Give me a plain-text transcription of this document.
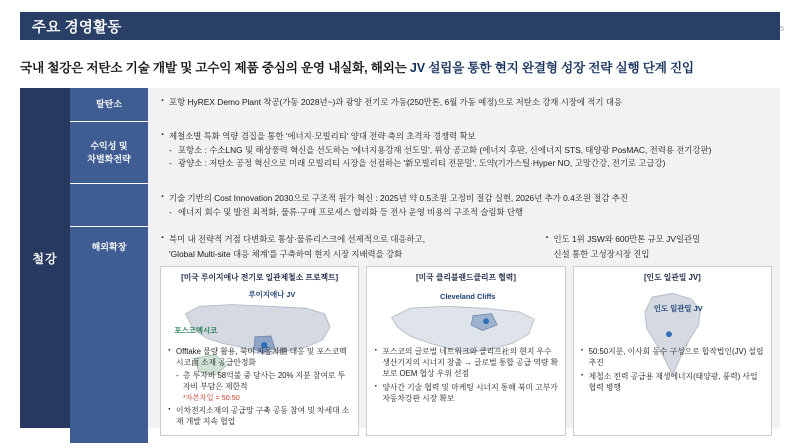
주요 경영활동	5
국내 철강은 저탄소 기술 개발 및 고수익 제품 중심의 운영 내실화, 해외는 JV 설립을 통한 현지 완결형 성장 전략 실행 단계 진입
철강
탈탄소	· 포항 HyREX Demo Plant 착공(가동 2028년~)과 광양 전기로 가동(250만톤, 6월 가동 예정)으로 저탄소 강재 시장에 적기 대응
수익성 및
차별화전략
· 제철소별 특화 역량 겸집을 통한 '에너지·모빌리티' 양대 전략 축의 초격차 경쟁력 확보
- 포항소 : 수소LNG 및 해상풍력 혁신을 선도하는 '에너지용강재 선도밀', 위상 공고화 (에너지 후판, 신에너지 STS, 태양광 PosMAC, 전력용 전기강판)
- 광양소 : 저탄소 공정 혁신으로 미래 모빌리티 시장을 선점하는 '新모빌리티 전문밀', 도약(기가스틸·Hyper NO, 고망간강, 전기로 고급강)
· 기술 기반의 Cost Innovation 2030으로 구조적 원가 혁신 : 2025년 약 0.5조원 고정비 절감 실현, 2026년 추가 0.4조원 절감 추진
- 에너지 회수 및 발전 최적화, 물류·구매 프로세스 합리화 등 전사 운영 비용의 구조적 슬림화 단행
해외확장
· 북미 내 전략적 거점 다변화로 통상·물류리스크에 선제적으로 대응하고,
'Global Multi-site 대응 체계'를 구축하여 현지 시장 지배력을 강화
· 인도 1위 JSW와 600만톤 규모 JV일관밀
신설 통한 고성장시장 진입
[미국 루이지애나 전기로 일관제철소 프로젝트]
루이지애나 JV
포스코멕시코
· Offtake 물량 활용, 북미 자동차體 대응 및 포스코멕시코面 소재 공급안정화
- 총 투자비 58억불 중 당사는 20% 지분 참여로 투자비 부담은 제한적
*자본차입 = 50:50
· 이차전지소재의 공급망 구축 공동 참여 및 차세대 소재 개발 지속 협업
[미국 클리블랜드클리프 협력]
Cleveland Cliffs
· 포스코의 글로벌 네트워크와 클리프社의 현지 우수 생산기지의 시너지 창출 → 글로벌 통합 공급 역량 확보로 OEM 협상 우위 선점
· 양사간 기술 협력 및 마케팅 시너지 통해 북미 고부가 자동차강판 시장 확보
[인도 일관밀 JV]
인도 일관밀 JV
· 50:50지분, 이사회 동수 구성으로 합작법인(JV) 설립 추진
· 제철소 전력 공급용 재생에너지(태양광, 풍력) 사업 협력 병행
